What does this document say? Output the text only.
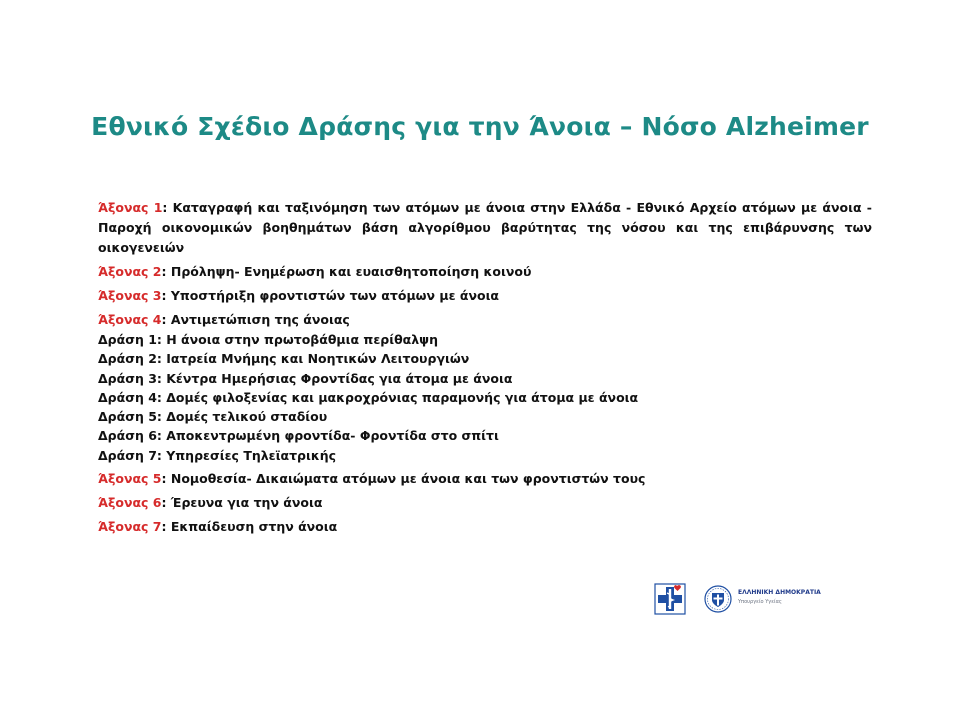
Εθνικό Σχέδιο Δράσης για την Άνοια – Νόσο Alzheimer
Άξονας 1: Καταγραφή και ταξινόμηση των ατόμων με άνοια στην Ελλάδα - Εθνικό Αρχείο ατόμων με άνοια - Παροχή οικονομικών βοηθημάτων βάση αλγορίθμου βαρύτητας της νόσου και της επιβάρυνσης των οικογενειών
Άξονας 2: Πρόληψη- Ενημέρωση και ευαισθητοποίηση κοινού
Άξονας 3: Υποστήριξη φροντιστών των ατόμων με άνοια
Άξονας 4: Αντιμετώπιση της άνοιας
Δράση 1: Η άνοια στην πρωτοβάθμια περίθαλψη
Δράση 2: Ιατρεία Μνήμης και Νοητικών Λειτουργιών
Δράση 3: Κέντρα Ημερήσιας Φροντίδας για άτομα με άνοια
Δράση 4: Δομές φιλοξενίας και μακροχρόνιας παραμονής για άτομα με άνοια
Δράση 5: Δομές τελικού σταδίου
Δράση 6: Αποκεντρωμένη φροντίδα- Φροντίδα στο σπίτι
Δράση 7: Υπηρεσίες Τηλεϊατρικής
Άξονας 5: Νομοθεσία- Δικαιώματα ατόμων με άνοια και των φροντιστών τους
Άξονας 6: Έρευνα για την άνοια
Άξονας 7: Εκπαίδευση στην άνοια
ΕΛΛΗΝΙΚΗ ΔΗΜΟΚΡΑΤΙΑ
Υπουργείο Υγείας
